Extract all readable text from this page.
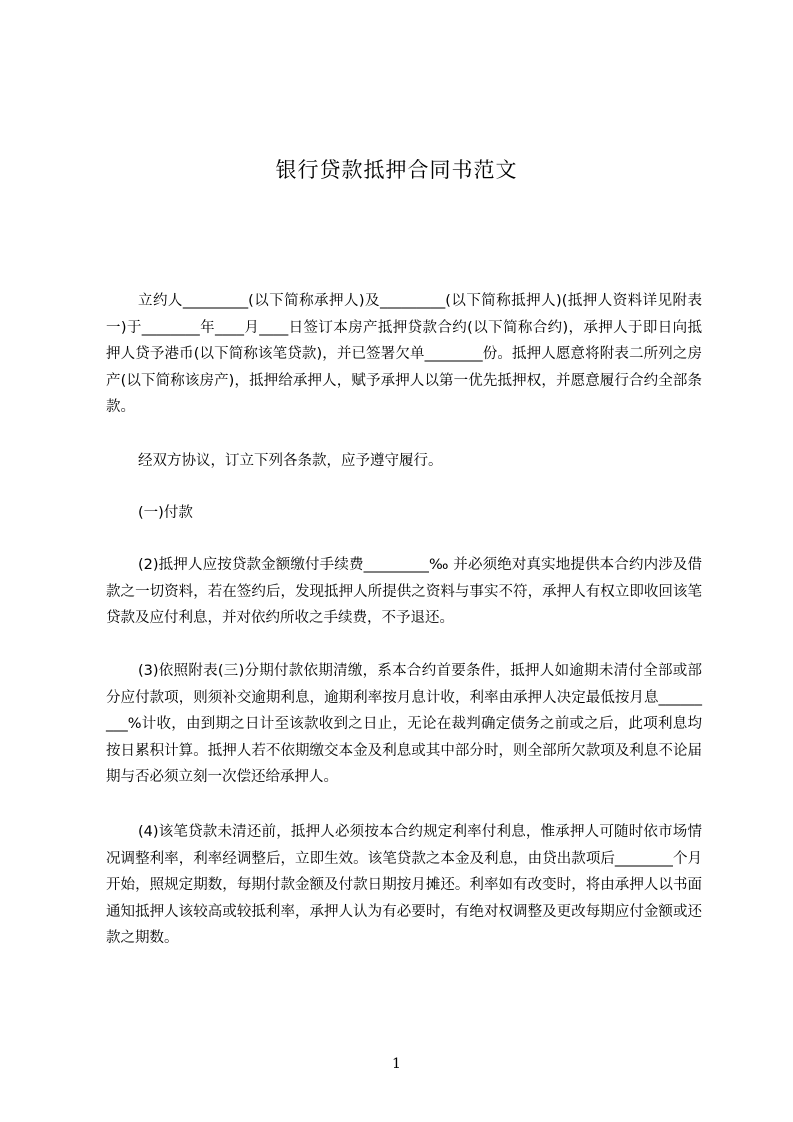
银行贷款抵押合同书范文

立约人_________(以下简称承押人)及_________(以下简称抵押人)(抵押人资料详见附表一)于________年____月____日签订本房产抵押贷款合约(以下简称合约)，承押人于即日向抵押人贷予港币(以下简称该笔贷款)，并已签署欠单________份。抵押人愿意将附表二所列之房产(以下简称该房产)，抵押给承押人，赋予承押人以第一优先抵押权，并愿意履行合约全部条款。

经双方协议，订立下列各条款，应予遵守履行。

(一)付款

(2)抵押人应按贷款金额缴付手续费_________‰ 并必须绝对真实地提供本合约内涉及借款之一切资料，若在签约后，发现抵押人所提供之资料与事实不符，承押人有权立即收回该笔贷款及应付利息，并对依约所收之手续费，不予退还。

(3)依照附表(三)分期付款依期清缴，系本合约首要条件，抵押人如逾期未清付全部或部分应付款项，则须补交逾期利息，逾期利率按月息计收，利率由承押人决定最低按月息_________%计收，由到期之日计至该款收到之日止，无论在裁判确定债务之前或之后，此项利息均按日累积计算。抵押人若不依期缴交本金及利息或其中部分时，则全部所欠款项及利息不论届期与否必须立刻一次偿还给承押人。

(4)该笔贷款未清还前，抵押人必须按本合约规定利率付利息，惟承押人可随时依市场情况调整利率，利率经调整后，立即生效。该笔贷款之本金及利息，由贷出款项后________个月开始，照规定期数，每期付款金额及付款日期按月摊还。利率如有改变时，将由承押人以书面通知抵押人该较高或较抵利率，承押人认为有必要时，有绝对权调整及更改每期应付金额或还款之期数。

1
